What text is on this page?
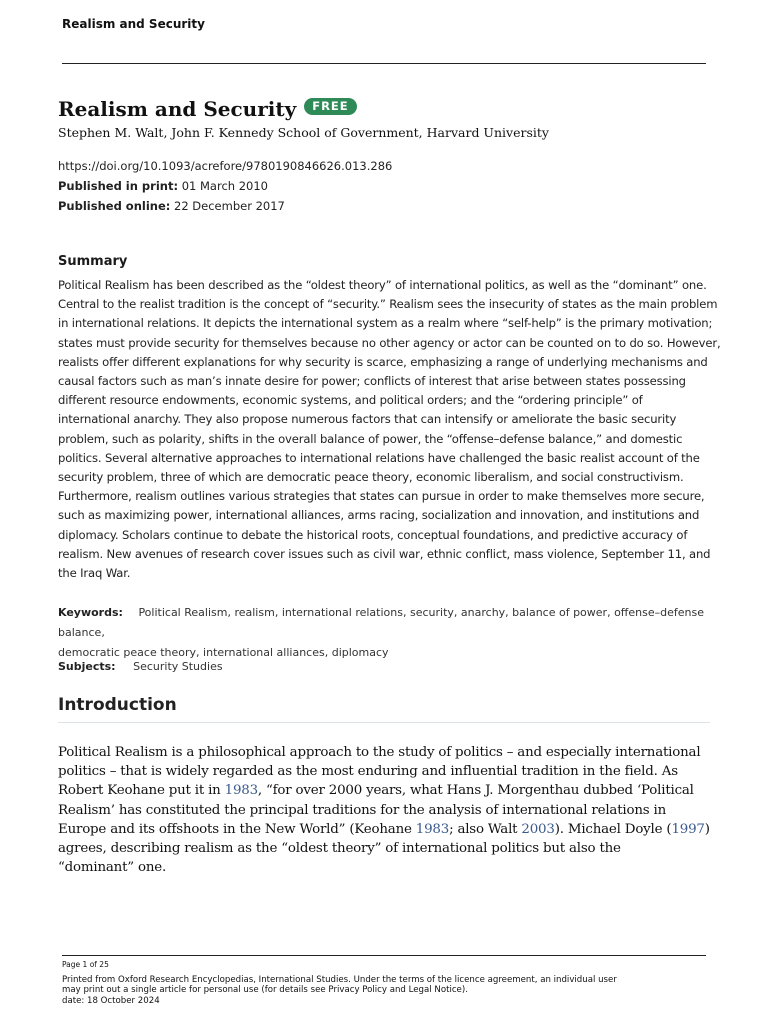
Realism and Security
Realism and Security	FREE
Stephen M. Walt, John F. Kennedy School of Government, Harvard University
https://doi.org/10.1093/acrefore/9780190846626.013.286
Published in print: 01 March 2010
Published online: 22 December 2017
Summary
Political Realism has been described as the “oldest theory” of international politics, as well as the “dominant” one.
Central to the realist tradition is the concept of “security.” Realism sees the insecurity of states as the main problem
in international relations. It depicts the international system as a realm where “self-help” is the primary motivation;
states must provide security for themselves because no other agency or actor can be counted on to do so. However,
realists offer different explanations for why security is scarce, emphasizing a range of underlying mechanisms and
causal factors such as man’s innate desire for power; conflicts of interest that arise between states possessing
different resource endowments, economic systems, and political orders; and the “ordering principle” of
international anarchy. They also propose numerous factors that can intensify or ameliorate the basic security
problem, such as polarity, shifts in the overall balance of power, the “offense–defense balance,” and domestic
politics. Several alternative approaches to international relations have challenged the basic realist account of the
security problem, three of which are democratic peace theory, economic liberalism, and social constructivism.
Furthermore, realism outlines various strategies that states can pursue in order to make themselves more secure,
such as maximizing power, international alliances, arms racing, socialization and innovation, and institutions and
diplomacy. Scholars continue to debate the historical roots, conceptual foundations, and predictive accuracy of
realism. New avenues of research cover issues such as civil war, ethnic conflict, mass violence, September 11, and
the Iraq War.
Keywords: Political Realism, realism, international relations, security, anarchy, balance of power, offense–defense balance,
democratic peace theory, international alliances, diplomacy
Subjects: Security Studies
Introduction
Political Realism is a philosophical approach to the study of politics – and especially international
politics – that is widely regarded as the most enduring and influential tradition in the field. As
Robert Keohane put it in 1983, “for over 2000 years, what Hans J. Morgenthau dubbed ‘Political
Realism’ has constituted the principal traditions for the analysis of international relations in
Europe and its offshoots in the New World” (Keohane 1983; also Walt 2003). Michael Doyle (1997)
agrees, describing realism as the “oldest theory” of international politics but also the
“dominant” one.
Page 1 of 25
Printed from Oxford Research Encyclopedias, International Studies. Under the terms of the licence agreement, an individual user
may print out a single article for personal use (for details see Privacy Policy and Legal Notice).
date: 18 October 2024
